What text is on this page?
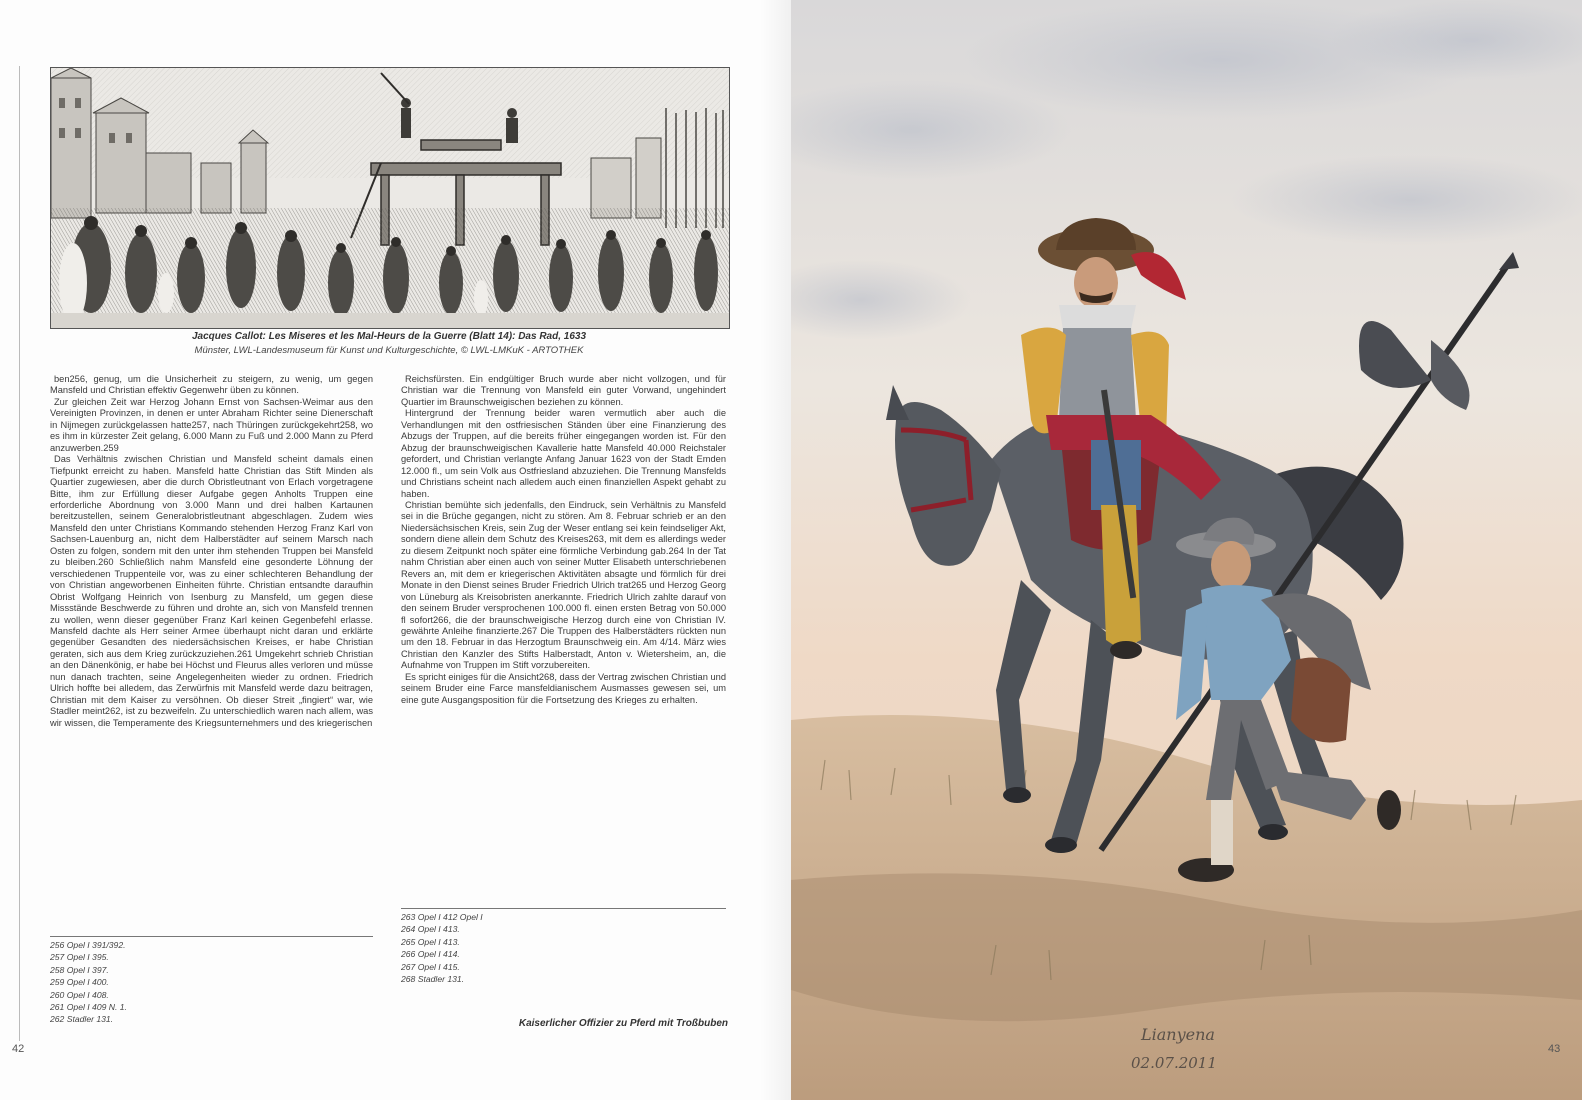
Jacques Callot: Les Miseres et les Mal-Heurs de la Guerre (Blatt 14): Das Rad, 1633
Münster, LWL-Landesmuseum für Kunst und Kulturgeschichte, © LWL-LMKuK - ARTOTHEK

ben256, genug, um die Unsicherheit zu steigern, zu wenig, um gegen Mansfeld und Christian effektiv Gegenwehr üben zu können.

Zur gleichen Zeit war Herzog Johann Ernst von Sachsen-Weimar aus den Vereinigten Provinzen, in denen er unter Abraham Richter seine Dienerschaft in Nijmegen zurückgelassen hatte257, nach Thüringen zurückgekehrt258, wo es ihm in kürzester Zeit gelang, 6.000 Mann zu Fuß und 2.000 Mann zu Pferd anzuwerben.259

Das Verhältnis zwischen Christian und Mansfeld scheint damals einen Tiefpunkt erreicht zu haben. Mansfeld hatte Christian das Stift Minden als Quartier zugewiesen, aber die durch Obristleutnant von Erlach vorgetragene Bitte, ihm zur Erfüllung dieser Aufgabe gegen Anholts Truppen eine erforderliche Abordnung von 3.000 Mann und drei halben Kartaunen bereitzustellen, seinem Generalobristleutnant abgeschlagen. Zudem wies Mansfeld den unter Christians Kommando stehenden Herzog Franz Karl von Sachsen-Lauenburg an, nicht dem Halberstädter auf seinem Marsch nach Osten zu folgen, sondern mit den unter ihm stehenden Truppen bei Mansfeld zu bleiben.260 Schließlich nahm Mansfeld eine gesonderte Löhnung der verschiedenen Truppenteile vor, was zu einer schlechteren Behandlung der von Christian angeworbenen Einheiten führte. Christian entsandte daraufhin Obrist Wolfgang Heinrich von Isenburg zu Mansfeld, um gegen diese Missstände Beschwerde zu führen und drohte an, sich von Mansfeld trennen zu wollen, wenn dieser gegenüber Franz Karl keinen Gegenbefehl erlasse. Mansfeld dachte als Herr seiner Armee überhaupt nicht daran und erklärte gegenüber Gesandten des niedersächsischen Kreises, er habe Christian geraten, sich aus dem Krieg zurückzuziehen.261 Umgekehrt schrieb Christian an den Dänenkönig, er habe bei Höchst und Fleurus alles verloren und müsse nun danach trachten, seine Angelegenheiten wieder zu ordnen. Friedrich Ulrich hoffte bei alledem, das Zerwürfnis mit Mansfeld werde dazu beitragen, Christian mit dem Kaiser zu versöhnen. Ob dieser Streit „fingiert“ war, wie Stadler meint262, ist zu bezweifeln. Zu unterschiedlich waren nach allem, was wir wissen, die Temperamente des Kriegsunternehmers und des kriegerischen

Reichsfürsten. Ein endgültiger Bruch wurde aber nicht vollzogen, und für Christian war die Trennung von Mansfeld ein guter Vorwand, ungehindert Quartier im Braunschweigischen beziehen zu können.

Hintergrund der Trennung beider waren vermutlich aber auch die Verhandlungen mit den ostfriesischen Ständen über eine Finanzierung des Abzugs der Truppen, auf die bereits früher eingegangen worden ist. Für den Abzug der braunschweigischen Kavallerie hatte Mansfeld 40.000 Reichstaler gefordert, und Christian verlangte Anfang Januar 1623 von der Stadt Emden 12.000 fl., um sein Volk aus Ostfriesland abzuziehen. Die Trennung Mansfelds und Christians scheint nach alledem auch einen finanziellen Aspekt gehabt zu haben.

Christian bemühte sich jedenfalls, den Eindruck, sein Verhältnis zu Mansfeld sei in die Brüche gegangen, nicht zu stören. Am 8. Februar schrieb er an den Niedersächsischen Kreis, sein Zug der Weser entlang sei kein feindseliger Akt, sondern diene allein dem Schutz des Kreises263, mit dem es allerdings weder zu diesem Zeitpunkt noch später eine förmliche Verbindung gab.264 In der Tat nahm Christian aber einen auch von seiner Mutter Elisabeth unterschriebenen Revers an, mit dem er kriegerischen Aktivitäten absagte und förmlich für drei Monate in den Dienst seines Bruder Friedrich Ulrich trat265 und Herzog Georg von Lüneburg als Kreisobristen anerkannte. Friedrich Ulrich zahlte darauf von den seinem Bruder versprochenen 100.000 fl. einen ersten Betrag von 50.000 fl sofort266, die der braunschweigische Herzog durch eine von Christian IV. gewährte Anleihe finanzierte.267 Die Truppen des Halberstädters rückten nun um den 18. Februar in das Herzogtum Braunschweig ein. Am 4/14. März wies Christian den Kanzler des Stifts Halberstadt, Anton v. Wietersheim, an, die Aufnahme von Truppen im Stift vorzubereiten.

Es spricht einiges für die Ansicht268, dass der Vertrag zwischen Christian und seinem Bruder eine Farce mansfeldianischem Ausmasses gewesen sei, um eine gute Ausgangsposition für die Fortsetzung des Krieges zu erhalten.

256 Opel I 391/392.
257 Opel I 395.
258 Opel I 397.
259 Opel I 400.
260 Opel I 408.
261 Opel I 409 N. 1.
262 Stadler 131.
263 Opel I 412 Opel I
264 Opel I 413.
265 Opel I 413.
266 Opel I 414.
267 Opel I 415.
268 Stadler 131.
Kaiserlicher Offizier zu Pferd mit Troßbuben
42
Lianyena
02.07.2011
43
